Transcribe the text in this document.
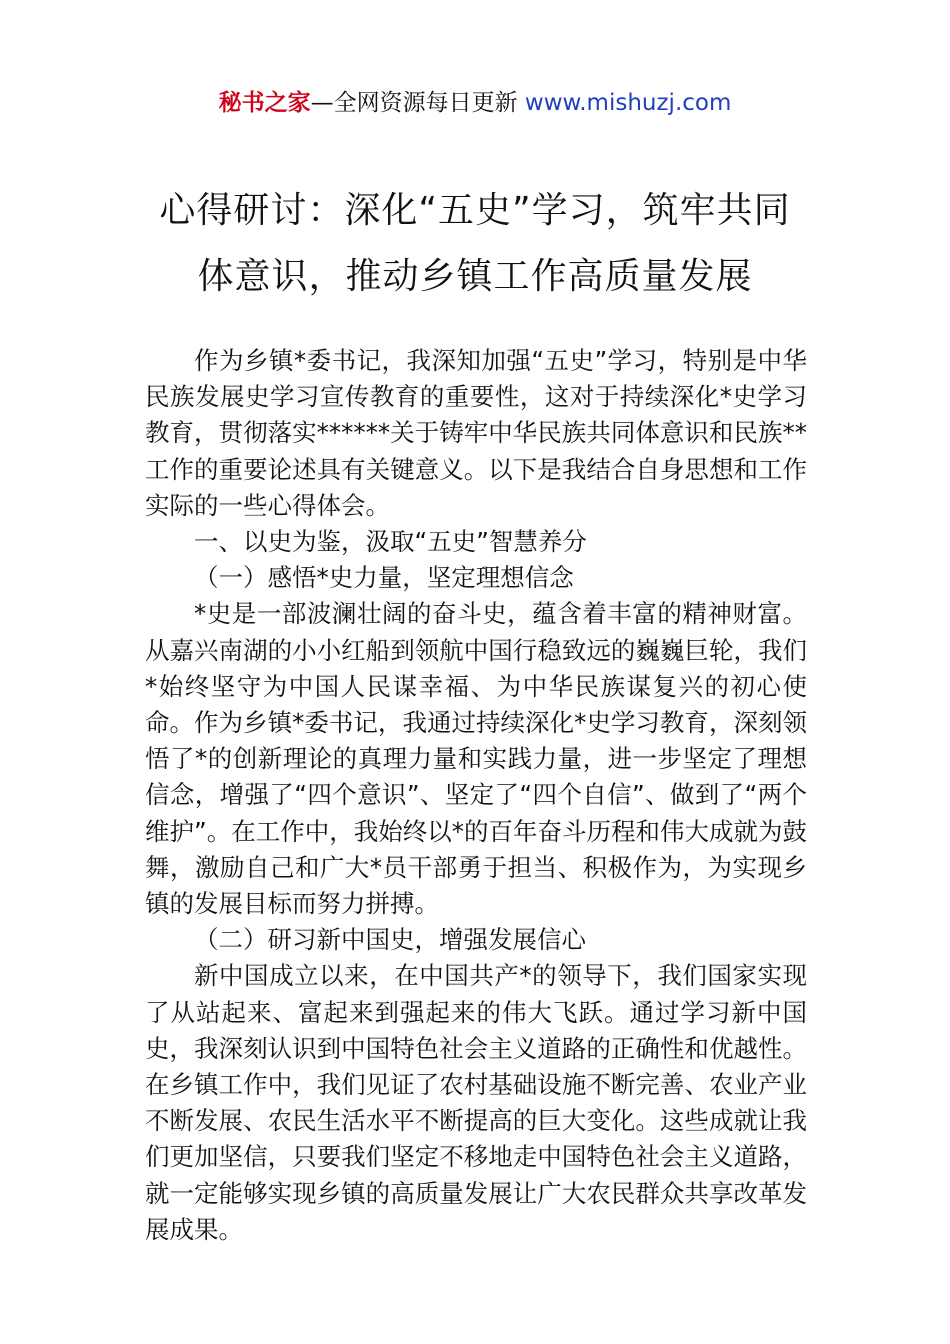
秘书之家—全网资源每日更新 www.mishuzj.com
心得研讨：深化“五史”学习，筑牢共同
体意识，推动乡镇工作高质量发展

作为乡镇*委书记，我深知加强“五史”学习，特别是中华民族发展史学习宣传教育的重要性，这对于持续深化*史学习教育，贯彻落实******关于铸牢中华民族共同体意识和民族**工作的重要论述具有关键意义。以下是我结合自身思想和工作实际的一些心得体会。

一、以史为鉴，汲取“五史”智慧养分

（一）感悟*史力量，坚定理想信念

*史是一部波澜壮阔的奋斗史，蕴含着丰富的精神财富。从嘉兴南湖的小小红船到领航中国行稳致远的巍巍巨轮，我们*始终坚守为中国人民谋幸福、为中华民族谋复兴的初心使命。作为乡镇*委书记，我通过持续深化*史学习教育，深刻领悟了*的创新理论的真理力量和实践力量，进一步坚定了理想信念，增强了“四个意识”、坚定了“四个自信”、做到了“两个维护”。在工作中，我始终以*的百年奋斗历程和伟大成就为鼓舞，激励自己和广大*员干部勇于担当、积极作为，为实现乡镇的发展目标而努力拼搏。

（二）研习新中国史，增强发展信心

新中国成立以来，在中国共产*的领导下，我们国家实现了从站起来、富起来到强起来的伟大飞跃。通过学习新中国史，我深刻认识到中国特色社会主义道路的正确性和优越性。在乡镇工作中，我们见证了农村基础设施不断完善、农业产业不断发展、农民生活水平不断提高的巨大变化。这些成就让我们更加坚信，只要我们坚定不移地走中国特色社会主义道路，就一定能够实现乡镇的高质量发展让广大农民群众共享改革发展成果。
